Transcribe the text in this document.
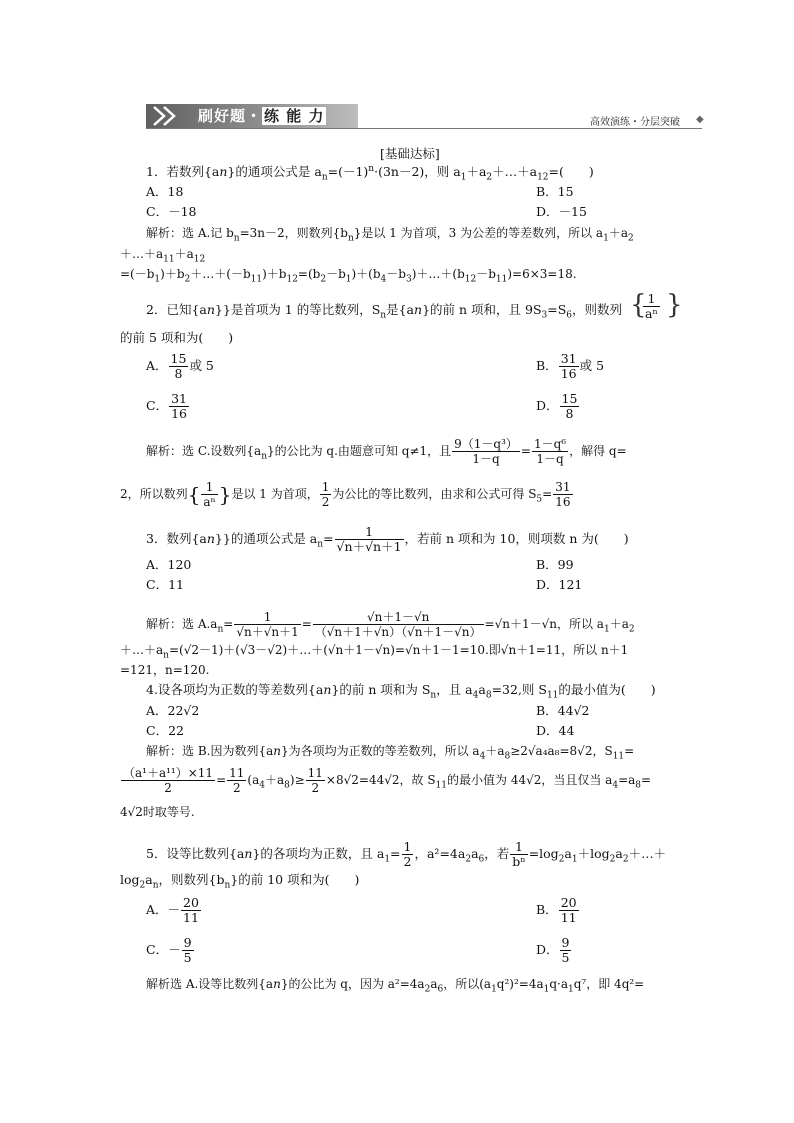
刷好题・ 练 能 力	高效演练・分层突破 ◆
[基础达标]
1．若数列{an}的通项公式是 $a_n=(-1)^n\cdot(3n-2)$，则 $a_1+a_2+\dots+a_{12}=$(　　)
A．18	B．15
C．－18	D．－15
解析：选 A.记 $b_n=3n-2$，则数列$\{b_n\}$是以 1 为首项，3 为公差的等差数列，所以 $a_1+a_2$
$+\dots+a_{11}+a_{12}$
$=(-b_1)+b_2+\dots+(-b_{11})+b_{12}=(b_2-b_1)+(b_4-b_3)+\dots+(b_{12}-b_{11})=6\times 3=18$.
2．已知{an}}是首项为 1 的等比数列，$S_n$是{an}的前 n 项和，且 $9S_3=S_6$，则数列 {
$\frac{1}{\text{aⁿ}}$ }
的前 5 项和为(　　)
A． $\frac{15}{8}$ 或 5	B． $\frac{31}{16}$ 或 5
C． $\frac{31}{16}$	D． $\frac{15}{8}$
解析：选 C.设数列$\{a_n\}$的公比为 q.由题意可知 q≠1，且 $\frac{\text{9（1－q³）}}{1-q} = \frac{\text{1－q⁶}}{1-q}$ ，解得 q=
2，所以数列{ $\frac{1}{\text{aⁿ}}$ }是以 1 为首项， $\frac{1}{2}$ 为公比的等比数列，由求和公式可得 $S_5= \frac{31}{16}$
3．数列{an}}的通项公式是 $a_n= \frac{1}{√n+√n+1}$ ，若前 n 项和为 10，则项数 n 为(　　)
A．120	B．99
C．11	D．121
解析：选 $A.a_n= \frac{1}{√n+√n+1} = \frac{√n+1-√n}{(√n+1+√n)(√n+1-√n)} =√n+1-√n$，所以 $a_1+a_2$
$+\dots+a_n=(√2-1)+(√3-√2)+\dots+(√n+1-√n)=√n+1-1=10$.即√n＋1=11，所以 n＋1
=121，n=120.
4.设各项均为正数的等差数列{an}的前 n 项和为 $S_n$，且 $a_4a_8=32$,则 $S_{11}$的最小值为(　　)
A．22√2	B．44√2
C．22	D．44
解析：选 B.因为数列{an}为各项均为正数的等差数列，所以 $a_4+a_8\ge 2√a_4a_8=8√2$，$S_{11}=$
$\frac{\text{（a¹＋a¹¹）×11}}{2} = \frac{11}{2} (a_4+a_8)\ge \frac{11}{2} \times 8√2=44√2$，故 $S_{11}$的最小值为 44√2，当且仅当 $a_4=a_8=$
4√2时取等号.
5．设等比数列{an}的各项均为正数，且 $a_1= \frac{1}{2}$ ，$a^2=4a_2a_6$，若 $\frac{1}{\text{bⁿ}}$ $=\log_2a_1+\log_2a_2+\dots+$
$\log_2a_n$，则数列$\{b_n\}$的前 10 项和为(　　)
A．－ $\frac{20}{11}$	B． $\frac{20}{11}$
C．－ $\frac{9}{5}$	D． $\frac{9}{5}$
解析选 A.设等比数列{an}的公比为 q，因为 $a^2=4a_2a_6$，所以$(a_1q^2)^2=4a_1q\cdot a_1q^7$，即 4q²=
